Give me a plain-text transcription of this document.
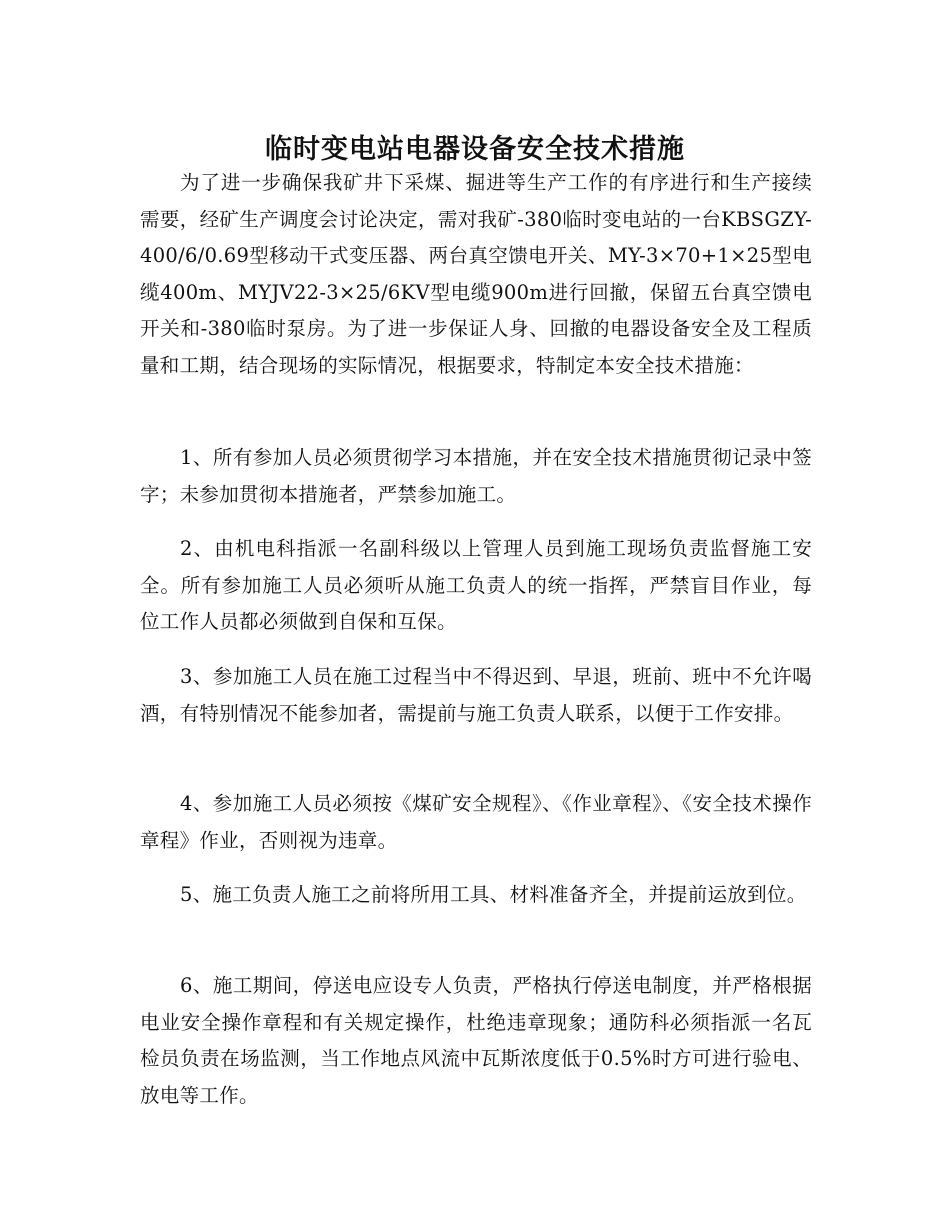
临时变电站电器设备安全技术措施

为了进一步确保我矿井下采煤、掘进等生产工作的有序进行和生产接续需要，经矿生产调度会讨论决定，需对我矿-380临时变电站的一台KBSGZY-400/6/0.69型移动干式变压器、两台真空馈电开关、MY-3×70+1×25型电缆400m、MYJV22-3×25/6KV型电缆900m进行回撤，保留五台真空馈电开关和-380临时泵房。为了进一步保证人身、回撤的电器设备安全及工程质量和工期，结合现场的实际情况，根据要求，特制定本安全技术措施：

1、所有参加人员必须贯彻学习本措施，并在安全技术措施贯彻记录中签字；未参加贯彻本措施者，严禁参加施工。

2、由机电科指派一名副科级以上管理人员到施工现场负责监督施工安全。所有参加施工人员必须听从施工负责人的统一指挥，严禁盲目作业，每位工作人员都必须做到自保和互保。

3、参加施工人员在施工过程当中不得迟到、早退，班前、班中不允许喝酒，有特别情况不能参加者，需提前与施工负责人联系，以便于工作安排。

4、参加施工人员必须按《煤矿安全规程》、《作业章程》、《安全技术操作章程》作业，否则视为违章。

5、施工负责人施工之前将所用工具、材料准备齐全，并提前运放到位。

6、施工期间，停送电应设专人负责，严格执行停送电制度，并严格根据电业安全操作章程和有关规定操作，杜绝违章现象；通防科必须指派一名瓦检员负责在场监测，当工作地点风流中瓦斯浓度低于0.5%时方可进行验电、放电等工作。
